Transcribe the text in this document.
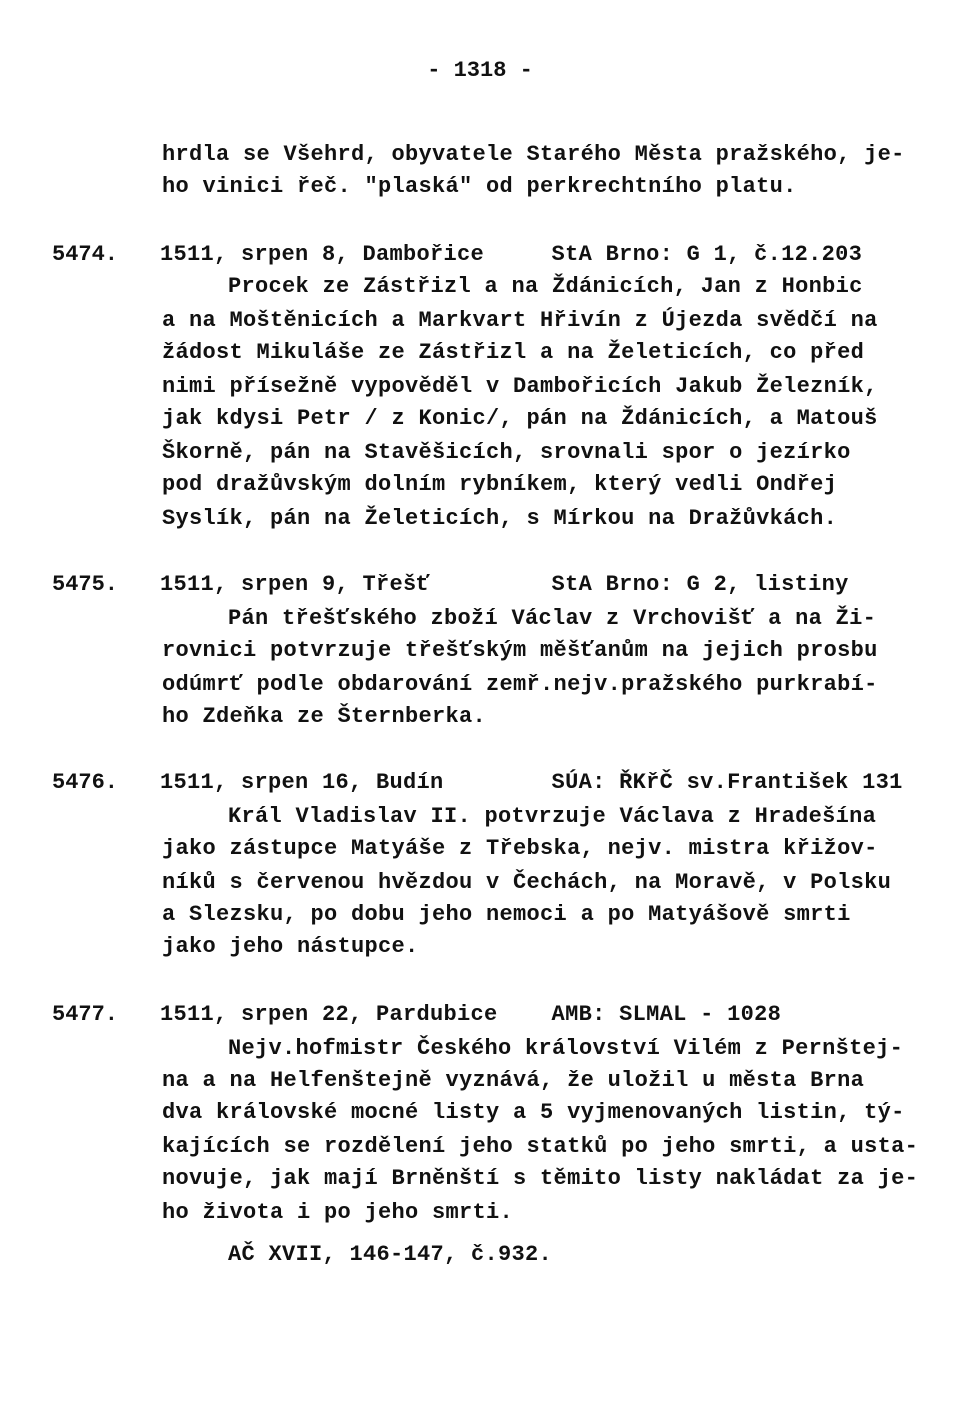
- 1318 -
hrdla se Všehrd, obyvatele Starého Města pražského, je-
ho vinici řeč. "plaská" od perkrechtního platu.
5474. 1511, srpen 8, Dambořice     StA Brno: G 1, č.12.203
Procek ze Zástřizl a na Ždánicích, Jan z Honbic
a na Moštěnicích a Markvart Hřivín z Újezda svědčí na
žádost Mikuláše ze Zástřizl a na Želeticích, co před
nimi přísežně vypověděl v Dambořicích Jakub Železník,
jak kdysi Petr / z Konic/, pán na Ždánicích, a Matouš
Škorně, pán na Stavěšicích, srovnali spor o jezírko
pod dražůvským dolním rybníkem, který vedli Ondřej
Syslík, pán na Želeticích, s Mírkou na Dražůvkách.
5475. 1511, srpen 9, Třešť         StA Brno: G 2, listiny
Pán třešťského zboží Václav z Vrchovišť a na Ži-
rovnici potvrzuje třešťským měšťanům na jejich prosbu
odúmrť podle obdarování zemř.nejv.pražského purkrabí-
ho Zdeňka ze Šternberka.
5476. 1511, srpen 16, Budín        SÚA: ŘKřČ sv.František 131
Král Vladislav II. potvrzuje Václava z Hradešína
jako zástupce Matyáše z Třebska, nejv. mistra křižov-
níků s červenou hvězdou v Čechách, na Moravě, v Polsku
a Slezsku, po dobu jeho nemoci a po Matyášově smrti
jako jeho nástupce.
5477. 1511, srpen 22, Pardubice    AMB: SLMAL - 1028
Nejv.hofmistr Českého království Vilém z Pernštej-
na a na Helfenštejně vyznává, že uložil u města Brna
dva královské mocné listy a 5 vyjmenovaných listin, tý-
kajících se rozdělení jeho statků po jeho smrti, a usta-
novuje, jak mají Brněnští s těmito listy nakládat za je-
ho života i po jeho smrti.
AČ XVII, 146-147, č.932.
